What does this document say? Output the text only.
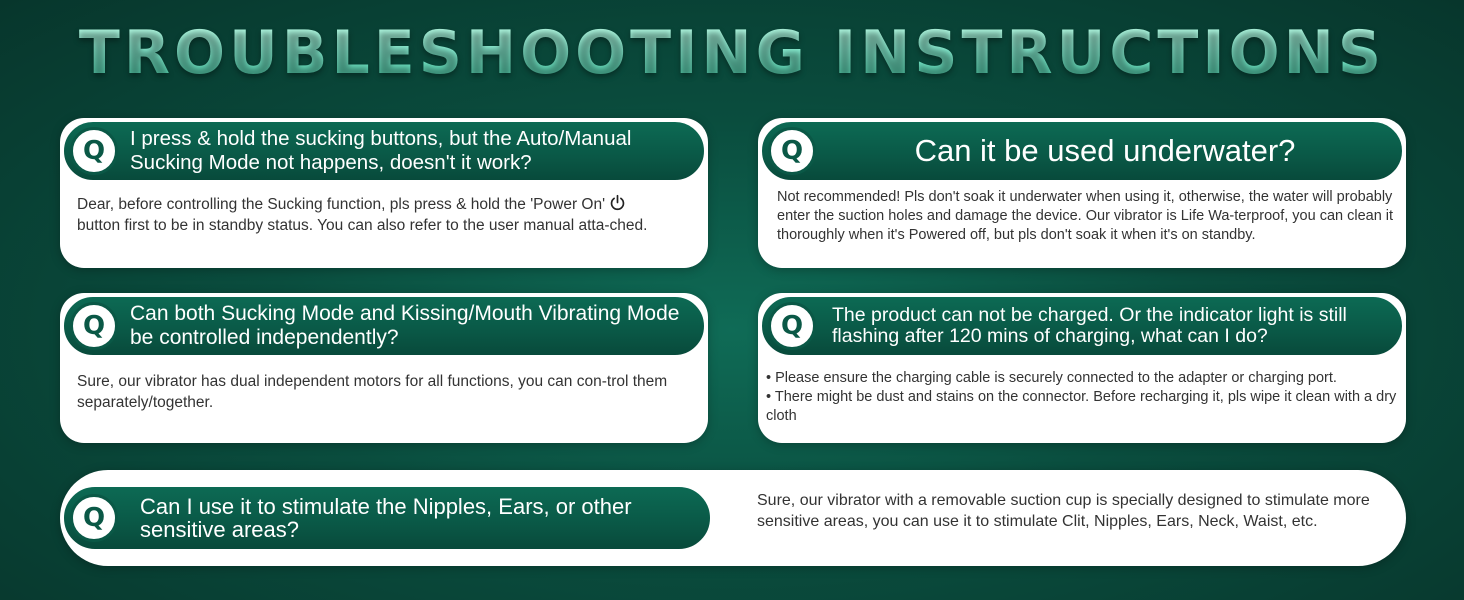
TROUBLESHOOTING INSTRUCTIONS
Q	I press & hold the sucking buttons, but the Auto/Manual Sucking Mode not happens, doesn't it work?
Dear, before controlling the Sucking function, pls press & hold the 'Power On'
button first to be in standby status. You can also refer to the user manual atta-ched.
Q	Can it be used underwater?
Not recommended! Pls don't soak it underwater when using it, otherwise, the water will probably enter the suction holes and damage the device. Our vibrator is Life Wa-terproof, you can clean it thoroughly when it's Powered off, but pls don't soak it when it's on standby.
Q	Can both Sucking Mode and Kissing/Mouth Vibrating Mode be controlled independently?
Sure, our vibrator has dual independent motors for all functions, you can con-trol them separately/together.
Q	The product can not be charged. Or the indicator light is still flashing after 120 mins of charging, what can I do?
• Please ensure the charging cable is securely connected to the adapter or charging port.
• There might be dust and stains on the connector. Before recharging it, pls wipe it clean with a dry cloth
Q	Can I use it to stimulate the Nipples, Ears, or other sensitive areas?
Sure, our vibrator with a removable suction cup is specially designed to stimulate more sensitive areas, you can use it to stimulate Clit, Nipples, Ears, Neck, Waist, etc.
